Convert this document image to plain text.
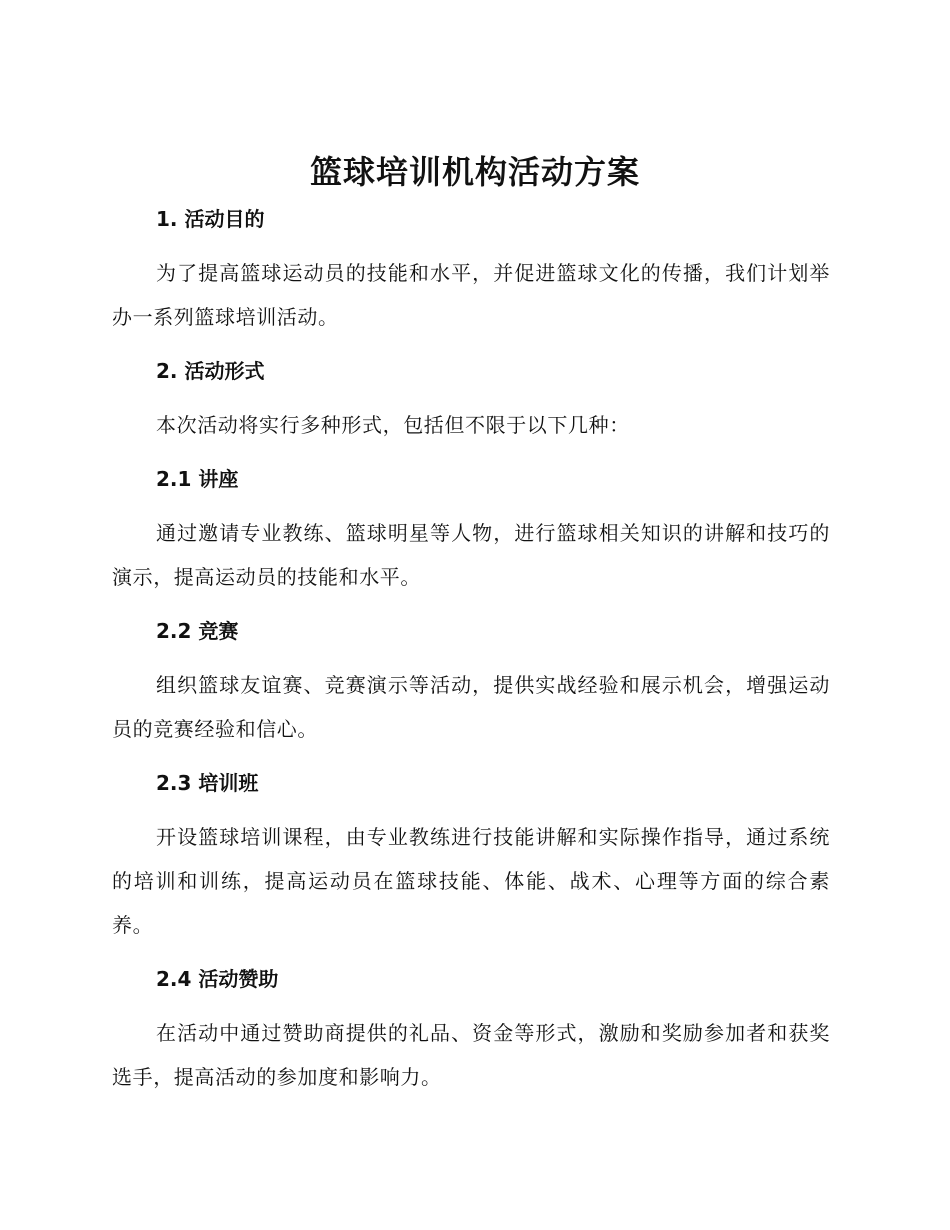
篮球培训机构活动方案
1. 活动目的

为了提高篮球运动员的技能和水平，并促进篮球文化的传播，我们计划举办一系列篮球培训活动。

2. 活动形式

本次活动将实行多种形式，包括但不限于以下几种：

2.1 讲座

通过邀请专业教练、篮球明星等人物，进行篮球相关知识的讲解和技巧的演示，提高运动员的技能和水平。

2.2 竞赛

组织篮球友谊赛、竞赛演示等活动，提供实战经验和展示机会，增强运动员的竞赛经验和信心。

2.3 培训班

开设篮球培训课程，由专业教练进行技能讲解和实际操作指导，通过系统的培训和训练，提高运动员在篮球技能、体能、战术、心理等方面的综合素养。

2.4 活动赞助

在活动中通过赞助商提供的礼品、资金等形式，激励和奖励参加者和获奖选手，提高活动的参加度和影响力。
